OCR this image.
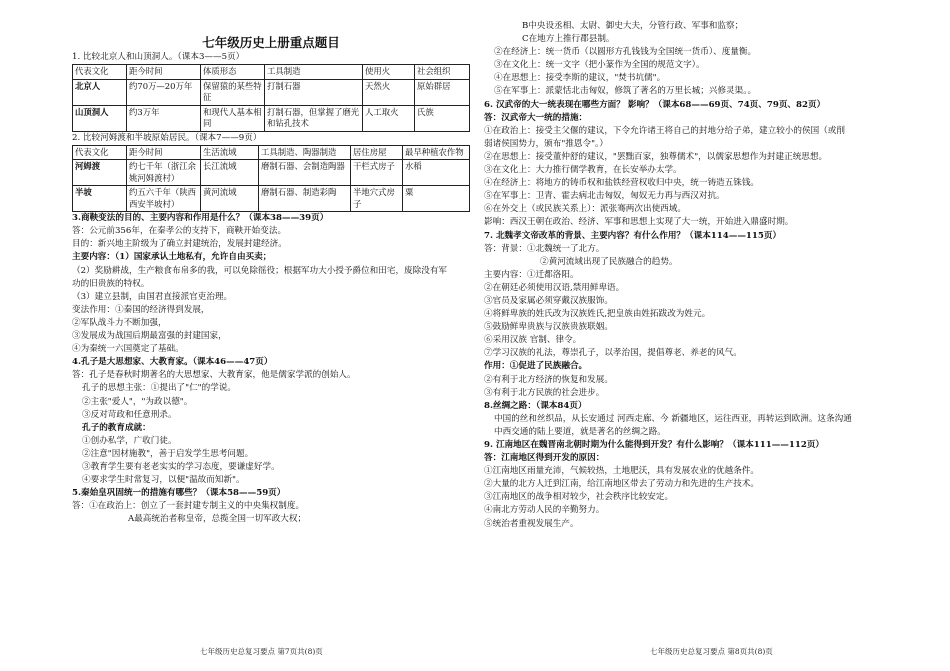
七年级历史上册重点题目
1. 比较北京人和山顶洞人。（课本3——5页）
代表文化	距今时间	体质形态	工具制造	使用火	社会组织
北京人	约70万—20万年	保留猿的某些特征	打制石器	天然火	原始群居
山顶洞人	约3万年	和现代人基本相同	打制石器，但掌握了磨光和钻孔技术	人工取火	氏族
2. 比较河姆渡和半坡原始居民。（课本7——9页）
代表文化	距今时间	生活流域	工具制造、陶器制造	居住房屋	最早种植农作物
河姆渡	约七千年（浙江余姚河姆渡村）	长江流域	磨制石器、会制造陶器	干栏式房子	水稻
半坡	约五六千年（陕西西安半坡村）	黄河流域	磨制石器、制造彩陶	半地穴式房子	粟
3.商鞅变法的目的、主要内容和作用是什么？（课本38——39页）
答：公元前356年，在秦孝公的支持下，商鞅开始变法。
目的：新兴地主阶级为了确立封建统治，发展封建经济。
主要内容：（1）国家承认土地私有，允许自由买卖；
（2）奖励耕战，生产粮食布帛多的我，可以免除徭役；根据军功大小授予爵位和田宅，废除没有军
功的旧贵族的特权。
（3）建立县制，由国君直接派官吏治理。
变法作用：①秦国的经济得到发展，
②军队战斗力不断加强，
③发展成为战国后期最富强的封建国家，
④为秦统一六国奠定了基础。
4.孔子是大思想家、大教育家。（课本46——47页）
答：孔子是春秋时期著名的大思想家、大教育家，他是儒家学派的创始人。
孔子的思想主张：①提出了"仁"的学说。
②主张"爱人"，"为政以德"。
③反对苛政和任意刑杀。
孔子的教育成就：
①创办私学，广收门徒。
②注意"因材施教"，善于启发学生思考问题。
③教育学生要有老老实实的学习态度，要谦虚好学。
④要求学生时常复习，以便"温故而知新"。
5.秦始皇巩固统一的措施有哪些？（课本58——59页）
答：①在政治上：创立了一套封建专制主义的中央集权制度。
A最高统治者称皇帝，总揽全国一切军政大权；
B中央设丞相、太尉、御史大夫，分管行政、军事和监察；
C在地方上推行郡县制。
②在经济上：统一货币（以圆形方孔钱钱为全国统一货币）、度量衡。
③在文化上：统一文字（把小篆作为全国的规范文字）。
④在思想上：接受李斯的建议，"焚书坑儒"。
⑤在军事上：派蒙恬北击匈奴，修筑了著名的万里长城；兴修灵渠。。
6. 汉武帝的大一统表现在哪些方面？ 影响？（课本68——69页、74页、79页、82页）
答：汉武帝大一统的措施：
①在政治上：接受主父偃的建议，下令允许诸王将自己的封地分给子弟，建立较小的侯国（或削
弱诸侯国势力，颁布"推恩令"。）
②在思想上：接受董仲舒的建议，"罢黜百家，独尊儒术"，以儒家思想作为封建正统思想。
③在文化上：大力推行儒学教育，在长安举办太学。
④在经济上：将地方的铸币权和盐铁经营权收归中央，统一铸造五铢钱。
⑤在军事上：卫青、霍去病北击匈奴，匈奴无力再与西汉对抗。
⑥在外交上（或民族关系上）：派张骞两次出使西域。
影响：西汉王朝在政治、经济、军事和思想上实现了大一统，开始进入鼎盛时期。
7. 北魏孝文帝改革的背景、主要内容？有什么作用？（课本114——115页）
答：背景：①北魏统一了北方。
②黄河流域出现了民族融合的趋势。
主要内容：①迁都洛阳。
②在朝廷必须使用汉语,禁用鲜卑语。
③官员及家属必须穿戴汉族服饰。
④将鲜卑族的姓氏改为汉族姓氏,把皇族由姓拓跋改为姓元。
⑤鼓励鲜卑贵族与汉族贵族联姻。
⑥采用汉族 官制、律令。
⑦学习汉族的礼法，尊崇孔子，以孝治国，提倡尊老、养老的风气。
作用：①促进了民族融合。
②有利于北方经济的恢复和发展。
③有利于北方民族的社会进步。
8.丝绸之路：（课本84页）
中国的丝和丝织品，从长安通过 河西走廊、今 新疆地区，运往西亚，再转运到欧洲。这条沟通
中西交通的陆上要道，就是著名的丝绸之路。
9. 江南地区在魏晋南北朝时期为什么能得到开发？有什么影响？（课本111——112页）
答：江南地区得到开发的原因：
①江南地区雨量充沛，气候较热，土地肥沃，具有发展农业的优越条件。
②大量的北方人迁到江南，给江南地区带去了劳动力和先进的生产技术。
③江南地区的战争相对较少，社会秩序比较安定。
④南北方劳动人民的辛勤努力。
⑤统治者重视发展生产。
七年级历史总复习要点 第7页共(8)页	七年级历史总复习要点 第8页共(8)页
